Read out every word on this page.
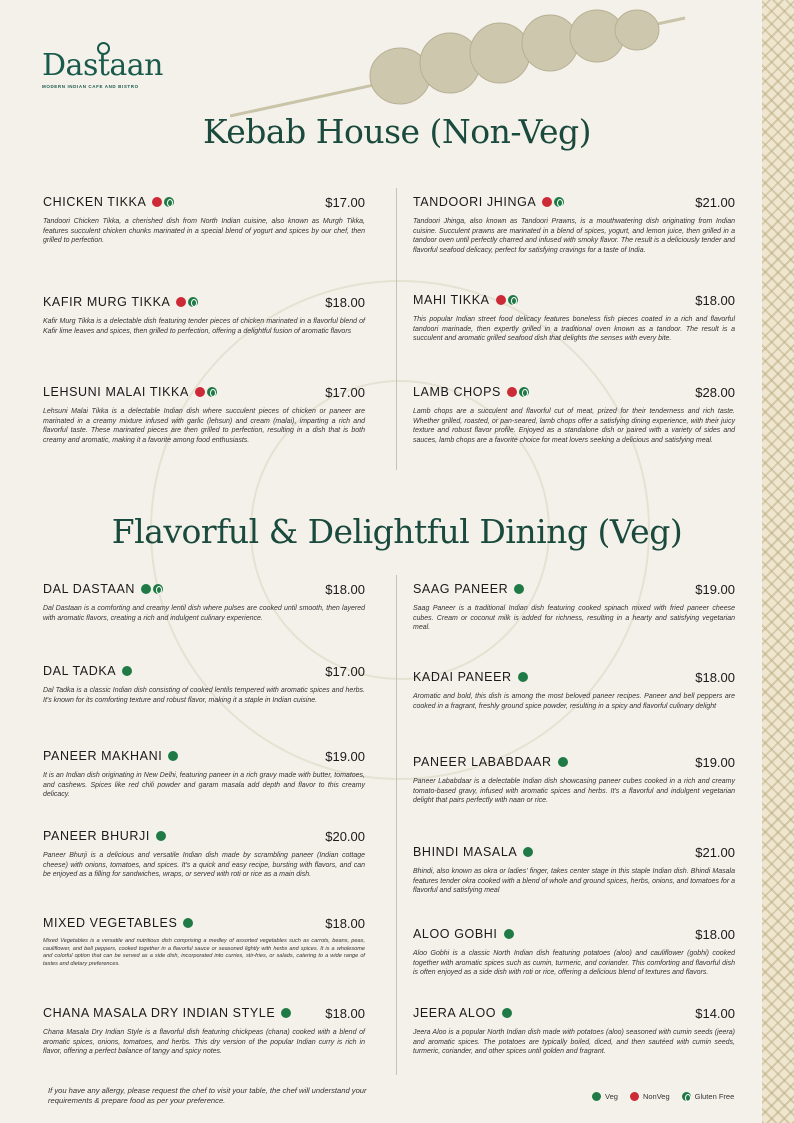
Dastaan
MODERN INDIAN CAFE AND BISTRO
Kebab House (Non-Veg)
CHICKEN TIKKA	$17.00

Tandoori Chicken Tikka, a cherished dish from North Indian cuisine, also known as Murgh Tikka, features succulent chicken chunks marinated in a special blend of yogurt and spices by our chef, then grilled to perfection.

TANDOORI JHINGA	$21.00

Tandoori Jhinga, also known as Tandoori Prawns, is a mouthwatering dish originating from Indian cuisine. Succulent prawns are marinated in a blend of spices, yogurt, and lemon juice, then grilled in a tandoor oven until perfectly charred and infused with smoky flavor. The result is a deliciously tender and flavorful seafood delicacy, perfect for satisfying cravings for a taste of India.

KAFIR MURG TIKKA	$18.00

Kafir Murg Tikka is a delectable dish featuring tender pieces of chicken marinated in a flavorful blend of Kafir lime leaves and spices, then grilled to perfection, offering a delightful fusion of aromatic flavors

MAHI TIKKA	$18.00

This popular Indian street food delicacy features boneless fish pieces coated in a rich and flavorful tandoori marinade, then expertly grilled in a traditional oven known as a tandoor. The result is a succulent and aromatic grilled seafood dish that delights the senses with every bite.

LEHSUNI MALAI TIKKA	$17.00

Lehsuni Malai Tikka is a delectable Indian dish where succulent pieces of chicken or paneer are marinated in a creamy mixture infused with garlic (lehsun) and cream (malai), imparting a rich and flavorful taste. These marinated pieces are then grilled to perfection, resulting in a dish that is both creamy and aromatic, making it a favorite among food enthusiasts.

LAMB CHOPS	$28.00

Lamb chops are a succulent and flavorful cut of meat, prized for their tenderness and rich taste. Whether grilled, roasted, or pan-seared, lamb chops offer a satisfying dining experience, with their juicy texture and robust flavor profile. Enjoyed as a standalone dish or paired with a variety of sides and sauces, lamb chops are a favorite choice for meat lovers seeking a delicious and satisfying meal.

Flavorful & Delightful Dining (Veg)
DAL DASTAAN	$18.00

Dal Dastaan is a comforting and creamy lentil dish where pulses are cooked until smooth, then layered with aromatic flavors, creating a rich and indulgent culinary experience.

SAAG PANEER	$19.00

Saag Paneer is a traditional Indian dish featuring cooked spinach mixed with fried paneer cheese cubes. Cream or coconut milk is added for richness, resulting in a hearty and satisfying vegetarian meal.

DAL TADKA	$17.00

Dal Tadka is a classic Indian dish consisting of cooked lentils tempered with aromatic spices and herbs. It's known for its comforting texture and robust flavor, making it a staple in Indian cuisine.

KADAI PANEER	$18.00

Aromatic and bold, this dish is among the most beloved paneer recipes. Paneer and bell peppers are cooked in a fragrant, freshly ground spice powder, resulting in a spicy and flavorful culinary delight

PANEER MAKHANI	$19.00

It is an Indian dish originating in New Delhi, featuring paneer in a rich gravy made with butter, tomatoes, and cashews. Spices like red chili powder and garam masala add depth and flavor to this creamy delicacy.

PANEER LABABDAAR	$19.00

Paneer Lababdaar is a delectable Indian dish showcasing paneer cubes cooked in a rich and creamy tomato-based gravy, infused with aromatic spices and herbs. It's a flavorful and indulgent vegetarian delight that pairs perfectly with naan or rice.

PANEER BHURJI	$20.00

Paneer Bhurji is a delicious and versatile Indian dish made by scrambling paneer (Indian cottage cheese) with onions, tomatoes, and spices. It's a quick and easy recipe, bursting with flavors, and can be enjoyed as a filling for sandwiches, wraps, or served with roti or rice as a main dish.

BHINDI MASALA	$21.00

Bhindi, also known as okra or ladies' finger, takes center stage in this staple Indian dish. Bhindi Masala features tender okra cooked with a blend of whole and ground spices, herbs, onions, and tomatoes for a flavorful and satisfying meal

MIXED VEGETABLES	$18.00

Mixed Vegetables is a versatile and nutritious dish comprising a medley of assorted vegetables such as carrots, beans, peas, cauliflower, and bell peppers, cooked together in a flavorful sauce or seasoned lightly with herbs and spices. It is a wholesome and colorful option that can be served as a side dish, incorporated into curries, stir-fries, or salads, catering to a wide range of tastes and dietary preferences.

ALOO GOBHI	$18.00

Aloo Gobhi is a classic North Indian dish featuring potatoes (aloo) and cauliflower (gobhi) cooked together with aromatic spices such as cumin, turmeric, and coriander. This comforting and flavorful dish is often enjoyed as a side dish with roti or rice, offering a delicious blend of textures and flavors.

CHANA MASALA DRY INDIAN STYLE	$18.00

Chana Masala Dry Indian Style is a flavorful dish featuring chickpeas (chana) cooked with a blend of aromatic spices, onions, tomatoes, and herbs. This dry version of the popular Indian curry is rich in flavor, offering a perfect balance of tangy and spicy notes.

JEERA ALOO	$14.00

Jeera Aloo is a popular North Indian dish made with potatoes (aloo) seasoned with cumin seeds (jeera) and aromatic spices. The potatoes are typically boiled, diced, and then sautéed with cumin seeds, turmeric, coriander, and other spices until golden and fragrant.

If you have any allergy, please request the chef to visit your table, the chef will understand your requirements & prepare food as per your preference.	Veg	NonVeg	Gluten Free
